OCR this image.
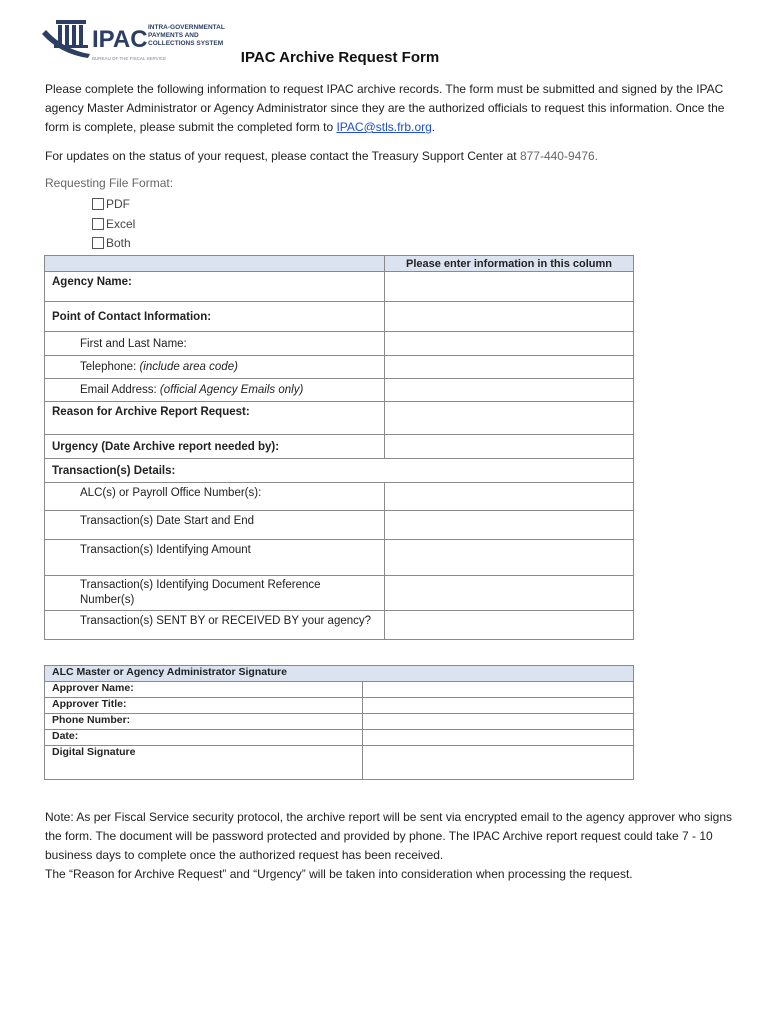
IPAC INTRA-GOVERNMENTAL
PAYMENTS AND
COLLECTIONS SYSTEM
BUREAU OF THE FISCAL SERVICE	IPAC Archive Request Form
Please complete the following information to request IPAC archive records. The form must be submitted and signed by the IPAC agency Master Administrator or Agency Administrator since they are the authorized officials to request this information. Once the form is complete, please submit the completed form to IPAC@stls.frb.org.
For updates on the status of your request, please contact the Treasury Support Center at 877-440-9476.
Requesting File Format:
PDF
Excel
Both
	Please enter information in this column
Agency Name:	
Point of Contact Information:	
First and Last Name:	
Telephone: (include area code)	
Email Address: (official Agency Emails only)	
Reason for Archive Report Request:	
Urgency (Date Archive report needed by):	
Transaction(s) Details:	
ALC(s) or Payroll Office Number(s):	
Transaction(s) Date Start and End	
Transaction(s) Identifying Amount	
Transaction(s) Identifying Document Reference Number(s)	
Transaction(s) SENT BY or RECEIVED BY your agency?	
ALC Master or Agency Administrator Signature	
Approver Name:	
Approver Title:	
Phone Number:	
Date:	
Digital Signature	
Note: As per Fiscal Service security protocol, the archive report will be sent via encrypted email to the agency approver who signs the form. The document will be password protected and provided by phone. The IPAC Archive report request could take 7 - 10 business days to complete once the authorized request has been received.
The “Reason for Archive Request” and “Urgency” will be taken into consideration when processing the request.
